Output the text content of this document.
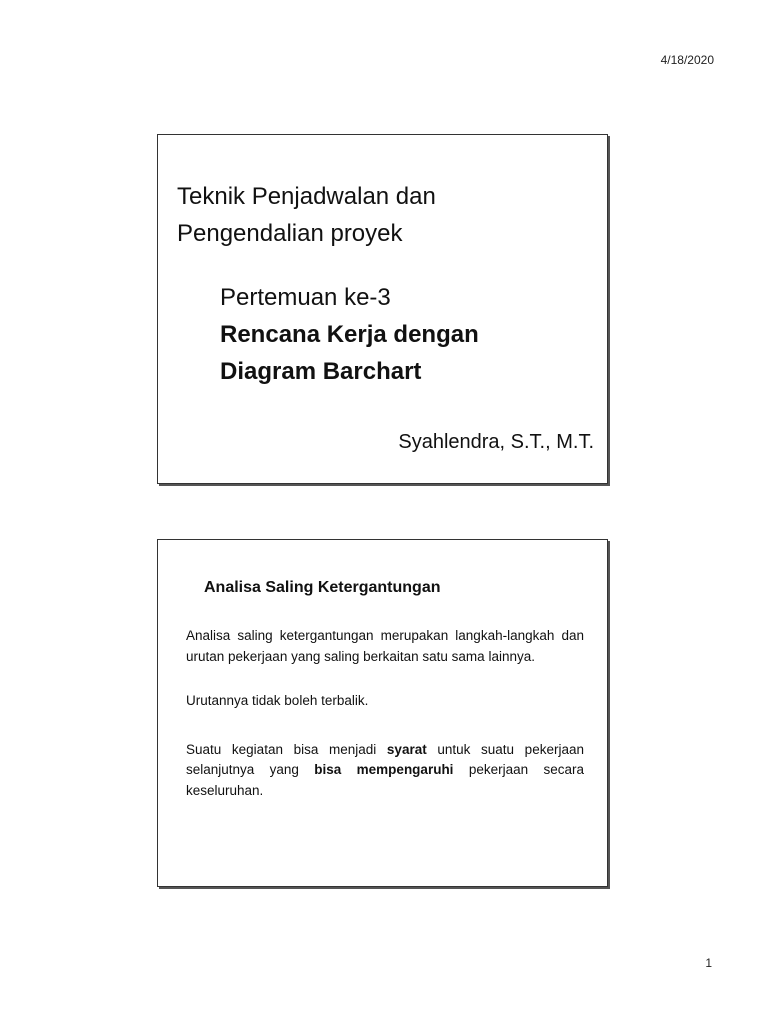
4/18/2020
Teknik Penjadwalan dan
Pengendalian proyek
Pertemuan ke-3
Rencana Kerja dengan
Diagram Barchart
Syahlendra, S.T., M.T.
Analisa Saling Ketergantungan

Analisa saling ketergantungan merupakan langkah-langkah dan urutan pekerjaan yang saling berkaitan satu sama lainnya.

Urutannya tidak boleh terbalik.

Suatu kegiatan bisa menjadi syarat untuk suatu pekerjaan selanjutnya yang bisa mempengaruhi pekerjaan secara keseluruhan.

1
